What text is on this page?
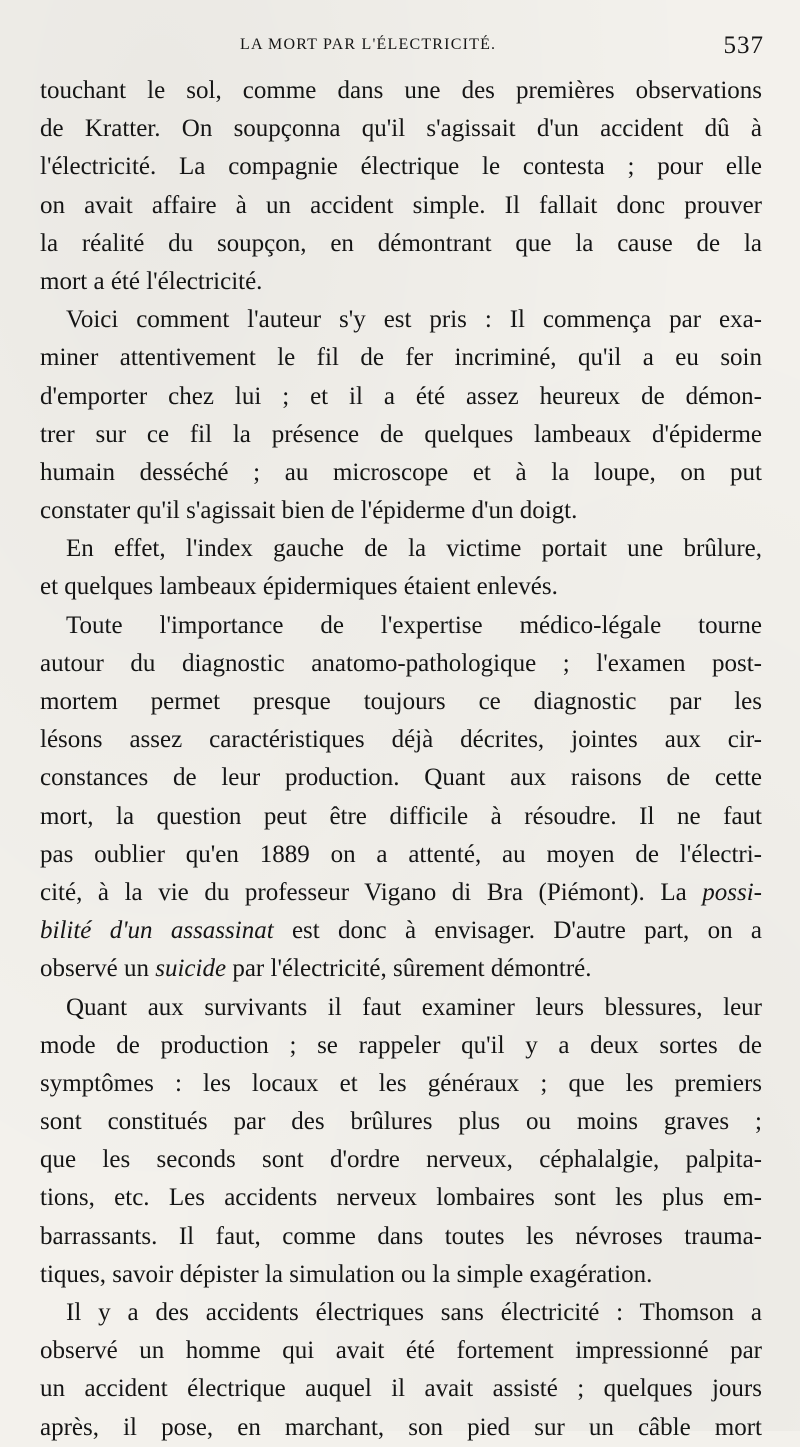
LA MORT PAR L'ÉLECTRICITÉ.	537
touchant le sol, comme dans une des premières observations
de Kratter. On soupçonna qu'il s'agissait d'un accident dû à
l'électricité. La compagnie électrique le contesta ; pour elle
on avait affaire à un accident simple. Il fallait donc prouver
la réalité du soupçon, en démontrant que la cause de la
mort a été l'électricité.
Voici comment l'auteur s'y est pris : Il commença par exa-
miner attentivement le fil de fer incriminé, qu'il a eu soin
d'emporter chez lui ; et il a été assez heureux de démon-
trer sur ce fil la présence de quelques lambeaux d'épiderme
humain desséché ; au microscope et à la loupe, on put
constater qu'il s'agissait bien de l'épiderme d'un doigt.
En effet, l'index gauche de la victime portait une brûlure,
et quelques lambeaux épidermiques étaient enlevés.
Toute l'importance de l'expertise médico-légale tourne
autour du diagnostic anatomo-pathologique ; l'examen post-
mortem permet presque toujours ce diagnostic par les
lésons assez caractéristiques déjà décrites, jointes aux cir-
constances de leur production. Quant aux raisons de cette
mort, la question peut être difficile à résoudre. Il ne faut
pas oublier qu'en 1889 on a attenté, au moyen de l'électri-
cité, à la vie du professeur Vigano di Bra (Piémont). La possi-
bilité d'un assassinat est donc à envisager. D'autre part, on a
observé un suicide par l'électricité, sûrement démontré.
Quant aux survivants il faut examiner leurs blessures, leur
mode de production ; se rappeler qu'il y a deux sortes de
symptômes : les locaux et les généraux ; que les premiers
sont constitués par des brûlures plus ou moins graves ;
que les seconds sont d'ordre nerveux, céphalalgie, palpita-
tions, etc. Les accidents nerveux lombaires sont les plus em-
barrassants. Il faut, comme dans toutes les névroses trauma-
tiques, savoir dépister la simulation ou la simple exagération.
Il y a des accidents électriques sans électricité : Thomson a
observé un homme qui avait été fortement impressionné par
un accident électrique auquel il avait assisté ; quelques jours
après, il pose, en marchant, son pied sur un câble mort
